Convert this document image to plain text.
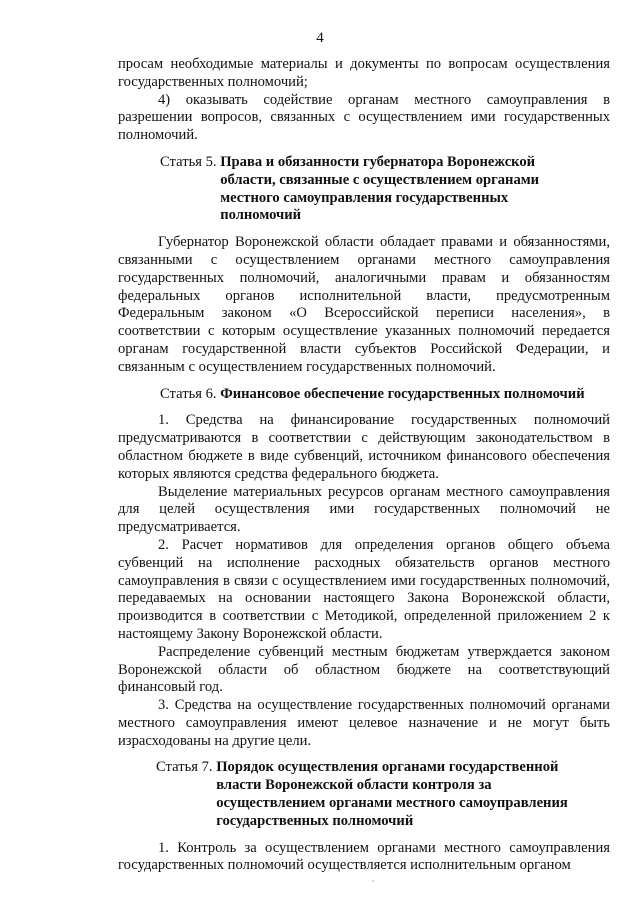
4

просам необходимые материалы и документы по вопросам осуществления государственных полномочий;

4) оказывать содействие органам местного самоуправления в разрешении вопросов, связанных с осуществлением ими государственных полномочий.

Статья 5.
Права и обязанности губернатора Воронежской области, связанные с осуществлением органами местного самоуправления государственных полномочий

Губернатор Воронежской области обладает правами и обязанностями, связанными с осуществлением органами местного самоуправления государственных полномочий, аналогичными правам и обязанностям федеральных органов исполнительной власти, предусмотренным Федеральным законом «О Всероссийской переписи населения», в соответствии с которым осуществление указанных полномочий передается органам государственной власти субъектов Российской Федерации, и связанным с осуществлением государственных полномочий.

Статья 6.
Финансовое обеспечение государственных полномочий

1. Средства на финансирование государственных полномочий предусматриваются в соответствии с действующим законодательством в областном бюджете в виде субвенций, источником финансового обеспечения которых являются средства федерального бюджета.

Выделение материальных ресурсов органам местного самоуправления для целей осуществления ими государственных полномочий не предусматривается.

2. Расчет нормативов для определения органов общего объема субвенций на исполнение расходных обязательств органов местного самоуправления в связи с осуществлением ими государственных полномочий, передаваемых на основании настоящего Закона Воронежской области, производится в соответствии с Методикой, определенной приложением 2 к настоящему Закону Воронежской области.

Распределение субвенций местным бюджетам утверждается законом Воронежской области об областном бюджете на соответствующий финансовый год.

3. Средства на осуществление государственных полномочий органами местного самоуправления имеют целевое назначение и не могут быть израсходованы на другие цели.

Статья 7.
Порядок осуществления органами государственной власти Воронежской области контроля за осуществлением органами местного самоуправления государственных полномочий

1. Контроль за осуществлением органами местного самоуправления государственных полномочий осуществляется исполнительным органом
